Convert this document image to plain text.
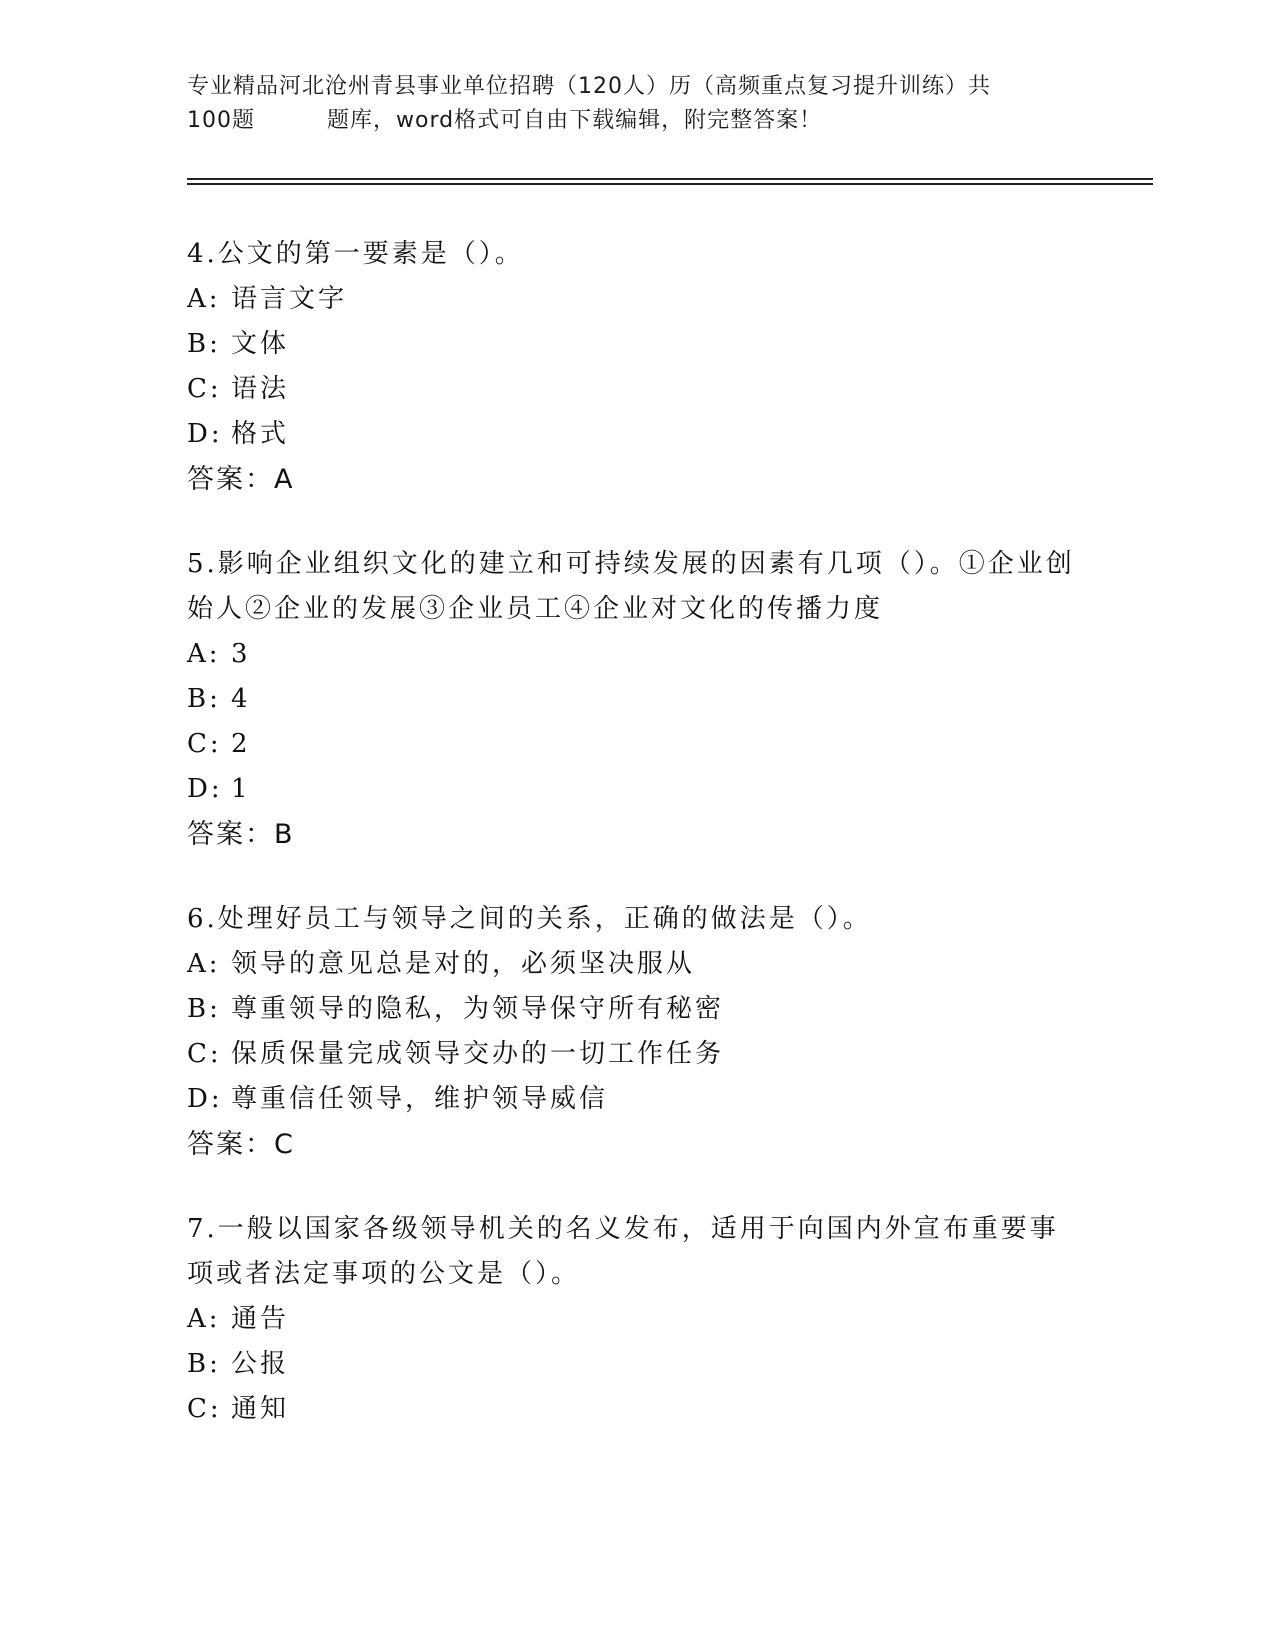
专业精品河北沧州青县事业单位招聘（120人）历（高频重点复习提升训练）共
100题	题库，word格式可自由下载编辑，附完整答案！

4.公文的第一要素是（）。

A: 语言文字

B: 文体

C: 语法

D: 格式

答案：A

5.影响企业组织文化的建立和可持续发展的因素有几项（）。①企业创始人②企业的发展③企业员工④企业对文化的传播力度

A: 3

B: 4

C: 2

D: 1

答案：B

6.处理好员工与领导之间的关系，正确的做法是（）。

A: 领导的意见总是对的，必须坚决服从

B: 尊重领导的隐私，为领导保守所有秘密

C: 保质保量完成领导交办的一切工作任务

D: 尊重信任领导，维护领导威信

答案：C

7.一般以国家各级领导机关的名义发布，适用于向国内外宣布重要事项或者法定事项的公文是（）。

A: 通告

B: 公报

C: 通知
